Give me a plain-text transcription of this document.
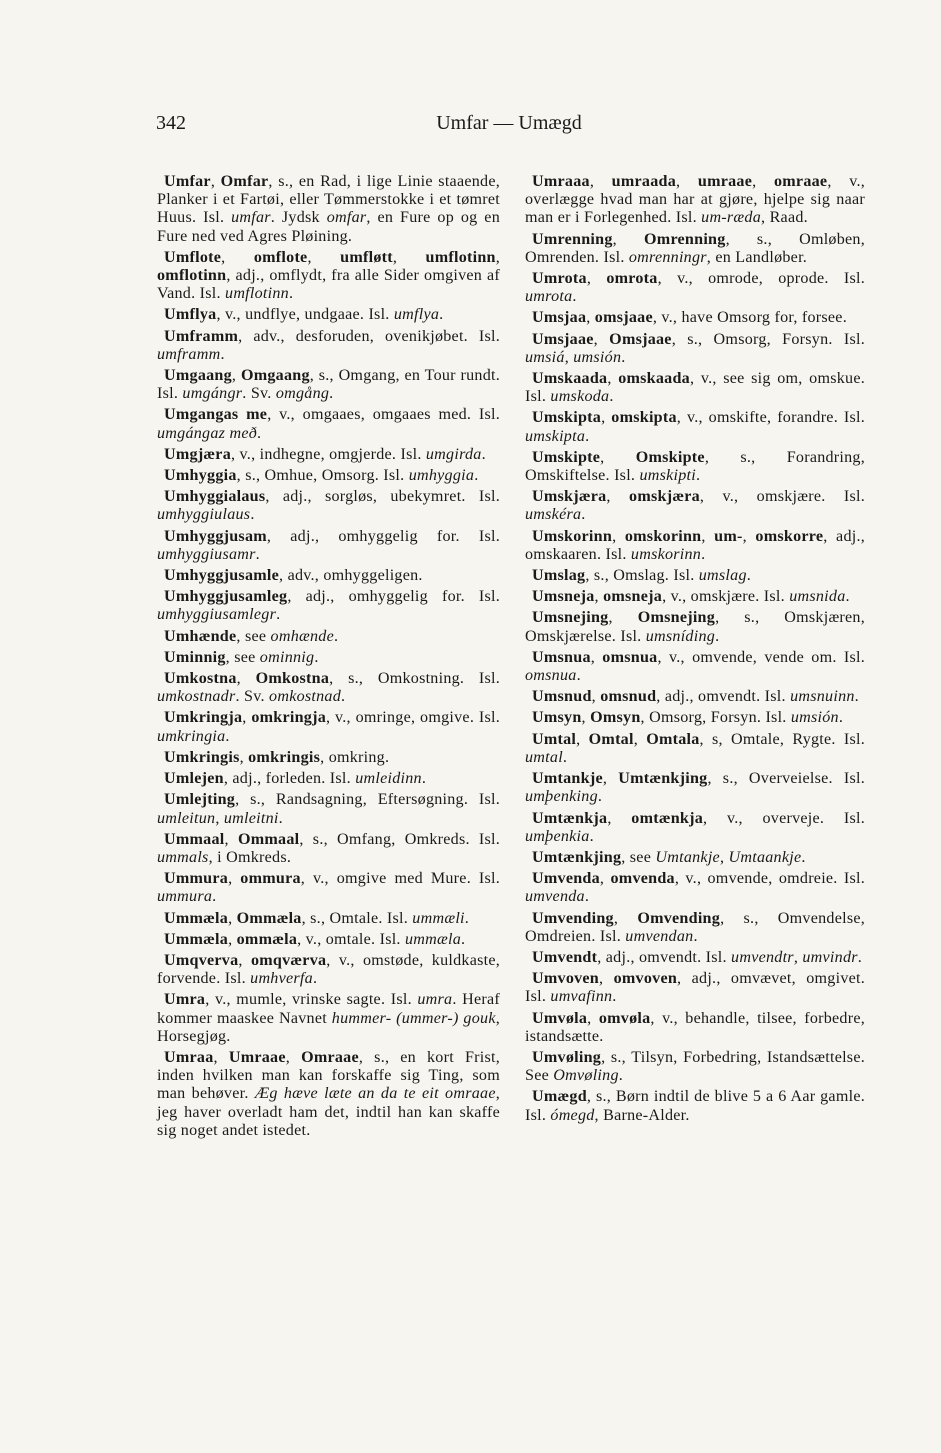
342	Umfar — Umægd

Umfar, Omfar, s., en Rad, i lige Linie staaende, Planker i et Fartøi, eller Tømmerstokke i et tømret Huus. Isl. umfar. Jydsk omfar, en Fure op og en Fure ned ved Agres Pløining.

Umflote, omflote, umfløtt, umflotinn, omflotinn, adj., omflydt, fra alle Sider omgiven af Vand. Isl. umflotinn.

Umflya, v., undflye, undgaae. Isl. umflya.

Umframm, adv., desforuden, ovenikjøbet. Isl. umframm.

Umgaang, Omgaang, s., Omgang, en Tour rundt. Isl. umgángr. Sv. omgång.

Umgangas me, v., omgaaes, omgaaes med. Isl. umgángaz með.

Umgjæra, v., indhegne, omgjerde. Isl. umgirda.

Umhyggia, s., Omhue, Omsorg. Isl. umhyggia.

Umhyggialaus, adj., sorgløs, ubekymret. Isl. umhyggiulaus.

Umhyggjusam, adj., omhyggelig for. Isl. umhyggiusamr.

Umhyggjusamle, adv., omhyggeligen.

Umhyggjusamleg, adj., omhyggelig for. Isl. umhyggiusamlegr.

Umhænde, see omhænde.

Uminnig, see ominnig.

Umkostna, Omkostna, s., Omkostning. Isl. umkostnadr. Sv. omkostnad.

Umkringja, omkringja, v., omringe, omgive. Isl. umkringia.

Umkringis, omkringis, omkring.

Umlejen, adj., forleden. Isl. umleidinn.

Umlejting, s., Randsagning, Eftersøgning. Isl. umleitun, umleitni.

Ummaal, Ommaal, s., Omfang, Omkreds. Isl. ummals, i Omkreds.

Ummura, ommura, v., omgive med Mure. Isl. ummura.

Ummæla, Ommæla, s., Omtale. Isl. ummæli.

Ummæla, ommæla, v., omtale. Isl. ummæla.

Umqverva, omqværva, v., omstøde, kuldkaste, forvende. Isl. umhverfa.

Umra, v., mumle, vrinske sagte. Isl. umra. Heraf kommer maaskee Navnet hummer- (ummer-) gouk, Horsegjøg.

Umraa, Umraae, Omraae, s., en kort Frist, inden hvilken man kan forskaffe sig Ting, som man behøver. Æg hæve læte an da te eit omraae, jeg haver overladt ham det, indtil han kan skaffe sig noget andet istedet.

Umraaa, umraada, umraae, omraae, v., overlægge hvad man har at gjøre, hjelpe sig naar man er i Forlegenhed. Isl. um-ræda, Raad.

Umrenning, Omrenning, s., Omløben, Omrenden. Isl. omrenningr, en Landløber.

Umrota, omrota, v., omrode, oprode. Isl. umrota.

Umsjaa, omsjaae, v., have Omsorg for, forsee.

Umsjaae, Omsjaae, s., Omsorg, Forsyn. Isl. umsiá, umsión.

Umskaada, omskaada, v., see sig om, omskue. Isl. umskoda.

Umskipta, omskipta, v., omskifte, forandre. Isl. umskipta.

Umskipte, Omskipte, s., Forandring, Omskiftelse. Isl. umskipti.

Umskjæra, omskjæra, v., omskjære. Isl. umskéra.

Umskorinn, omskorinn, um-, omskorre, adj., omskaaren. Isl. umskorinn.

Umslag, s., Omslag. Isl. umslag.

Umsneja, omsneja, v., omskjære. Isl. umsnida.

Umsnejing, Omsnejing, s., Omskjæren, Omskjærelse. Isl. umsníding.

Umsnua, omsnua, v., omvende, vende om. Isl. omsnua.

Umsnud, omsnud, adj., omvendt. Isl. umsnuinn.

Umsyn, Omsyn, Omsorg, Forsyn. Isl. umsión.

Umtal, Omtal, Omtala, s, Omtale, Rygte. Isl. umtal.

Umtankje, Umtænkjing, s., Overveielse. Isl. umþenking.

Umtænkja, omtænkja, v., overveje. Isl. umþenkia.

Umtænkjing, see Umtankje, Umtaankje.

Umvenda, omvenda, v., omvende, omdreie. Isl. umvenda.

Umvending, Omvending, s., Omvendelse, Omdreien. Isl. umvendan.

Umvendt, adj., omvendt. Isl. umvendtr, umvindr.

Umvoven, omvoven, adj., omvævet, omgivet. Isl. umvafinn.

Umvøla, omvøla, v., behandle, tilsee, forbedre, istandsætte.

Umvøling, s., Tilsyn, Forbedring, Istandsættelse. See Omvøling.

Umægd, s., Børn indtil de blive 5 a 6 Aar gamle. Isl. ómegd, Barne-Alder.
